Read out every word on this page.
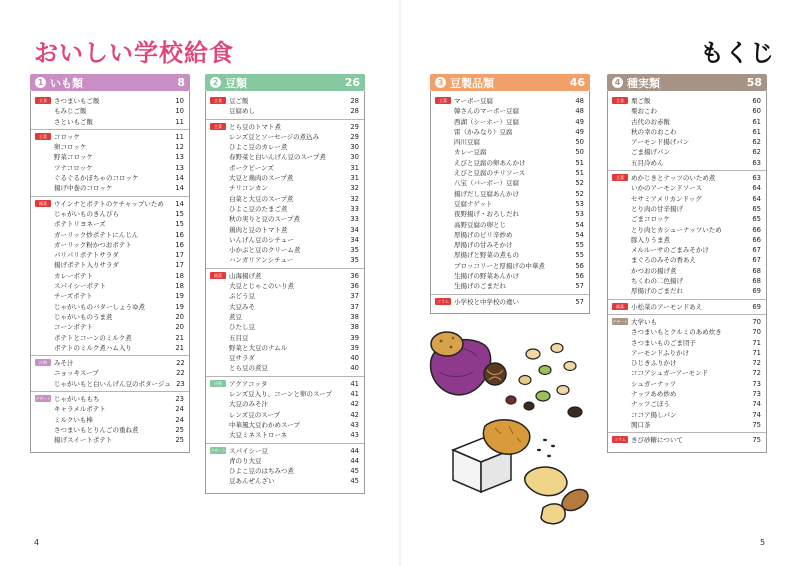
おいしい学校給食	もくじ
1 いも類	8
主食	さつまいもご飯	10
もみじご飯	10
さといもご飯	11
主菜	コロッケ	11
卵コロッケ	12
野菜コロッケ	13
ツナコロッケ	13
ぐるぐるかぼちゃのコロッケ	14
揚げ中巻のコロッケ	14
副菜	ウインナとポテトのケチャップいため	14
じゃがいものきんぴら	15
ポテトリヨネーズ	15
ガーリック炒ポテトにんじん	16
ガーリック粉かつおポテト	16
パリパリポテトサラダ	17
揚げポテト入りサラダ	17
カレーポテト	18
スパイシーポテト	18
チーズポテト	19
じゃがいものバターしょうゆ煮	19
じゃがいものうま煮	20
コーンポテト	20
ポテトとコーンのミルク煮	21
ポテトのミルク煮ハム入り	21
汁物	みそ汁	22
ニョッキスープ	22
じゃがいもと白いんげん豆のポタージュ 23
デザート じゃがいももち	23
キャラメルポテト	24
ミルクいも棒	24
さつまいもとりんごの重ね煮	25
揚げスイートポテト	25
2 豆類	26
主食	豆ご飯	28
豆腐めし	28
主菜	とら豆のトマト煮	29
レンズ豆とソーセージの煮込み	29
ひよこ豆のカレー煮	30
春野菜と白いんげん豆のスープ煮	30
ポークビーンズ	31
大豆と鶏肉のスープ煮	31
チリコンカン	32
白菜と大豆のスープ煮	32
ひよこ豆のたまご煮	33
秋の実りと豆のスープ煮	33
鶏肉と豆のトマト煮	34
いんげん豆のシチュー	34
小かぶと豆のクリーム煮	35
ハンガリアンシチュー	35
副菜	山海揚げ煮	36
大豆とじゃこのいり煮	36
ぶどう豆	37
大豆みそ	37
煮豆	38
ひたし豆	38
五目豆	39
野菜と大豆のナムル	39
豆サラダ	40
とら豆の煮豆	40
汁物	アクアコッタ	41
レンズ豆入り、コーンと卵のスープ	41
大豆のみそ汁	42
レンズ豆のスープ	42
中華風大豆わかめスープ	43
大豆ミネストローネ	43
デザート スパイシー豆	44
青のり大豆	44
ひよこ豆のはちみつ煮	45
豆あんぜんざい	45
3 豆製品類	46
主菜	マーボー豆腐	48
韓さんのマーボー豆腐	48
西湖（シーホー）豆腐	49
雷（かみなり）豆腐	49
四川豆腐	50
カレー豆腐	50
えびと豆腐の卵あんかけ	51
えびと豆腐のチリソース	51
八宝（バーボー）豆腐	52
揚げだし豆腐あんかけ	52
豆腐ナゲット	53
夜野揚げ・おろしだれ	53
高野豆腐の卵とじ	54
厚揚げのピリ辛炒め	54
厚揚げの甘みそかけ	55
厚揚げと野菜の煮もの	55
ブロッコリーと厚揚げの中華煮	56
生揚げの野菜あんかけ	56
生揚げのごまだれ	57
コラム 小学校と中学校の違い	57
4 種実類	58
主食	栗ご飯	60
栗おこわ	60
古代のお赤飯	61
秋の幸のおこわ	61
アーモンド揚げパン	62
ごま揚げパン	62
五目冷めん	63
主菜	めかじきとナッツのいため煮	63
いかのアーモンドソース	64
セサミアメリカンドッグ	64
とり肉の甘辛揚げ	65
ごまコロッケ	65
とり肉とカシューナッツいため	66
豚入りうま煮	66
メルルーサのごまみそかけ	67
まぐろのみその香あえ	67
かつおの揚げ煮	68
ちくわの二色揚げ	68
厚揚げのごまだれ	69
副菜	小松菜のアーモンドあえ	69
デザート 大学いも	70
さつまいもとクルミのあめ炊き	70
さつまいものごま団子	71
アーモンドふりかけ	71
ひじきふりかけ	72
ココアシュガーアーモンド	72
シュガーナッツ	73
ナッツあめ炒め	73
ナッツごぼう	74
ココア揚しパン	74
関口茶	75
コラム きび砂糖について	75
4	5
